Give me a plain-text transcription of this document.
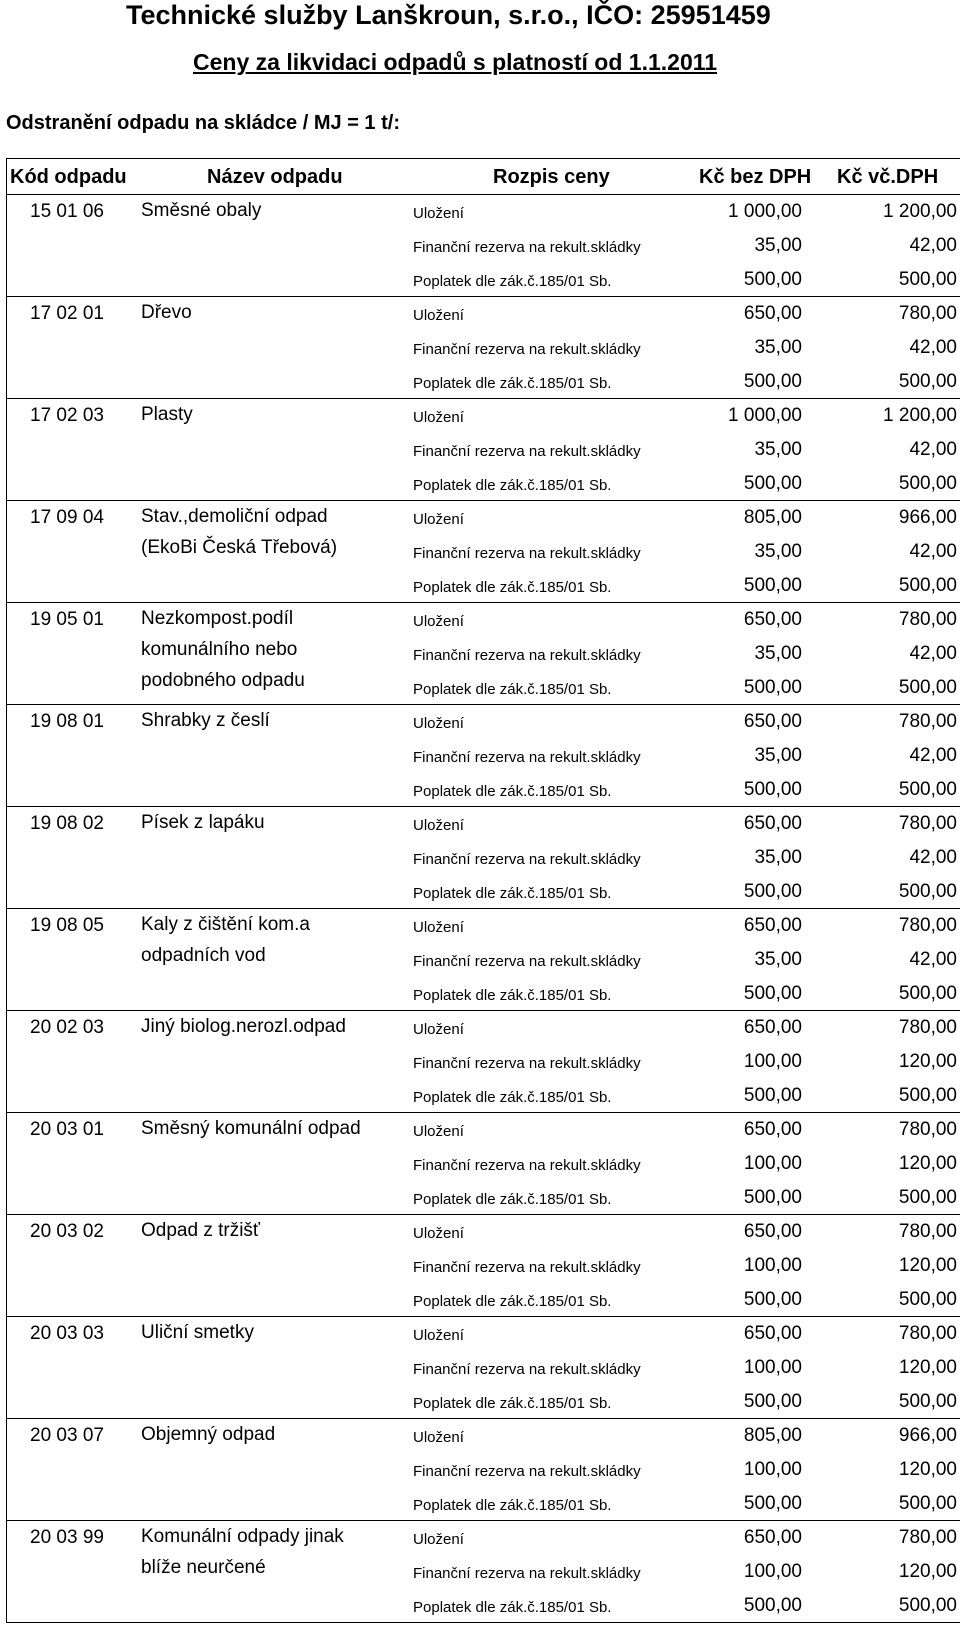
Technické služby Lanškroun, s.r.o., IČO: 25951459
Ceny za likvidaci odpadů s platností od 1.1.2011
Odstranění odpadu na skládce / MJ = 1 t/:
Kód odpadu	Název odpadu	Rozpis ceny	Kč bez DPH Kč vč.DPH
15 01 06 Směsné obaly	Uložení	1 000,00	1 200,00
Finanční rezerva na rekult.skládky	35,00	42,00
Poplatek dle zák.č.185/01 Sb.	500,00	500,00
17 02 01 Dřevo	Uložení	650,00	780,00
Finanční rezerva na rekult.skládky	35,00	42,00
Poplatek dle zák.č.185/01 Sb.	500,00	500,00
17 02 03 Plasty	Uložení	1 000,00	1 200,00
Finanční rezerva na rekult.skládky	35,00	42,00
Poplatek dle zák.č.185/01 Sb.	500,00	500,00
17 09 04 Stav.,demoliční odpad
(EkoBi Česká Třebová)
Uložení	805,00	966,00
Finanční rezerva na rekult.skládky	35,00	42,00
Poplatek dle zák.č.185/01 Sb.	500,00	500,00
19 05 01 Nezkompost.podíl
komunálního nebo
podobného odpadu
Uložení	650,00	780,00
Finanční rezerva na rekult.skládky	35,00	42,00
Poplatek dle zák.č.185/01 Sb.	500,00	500,00
19 08 01 Shrabky z česlí	Uložení	650,00	780,00
Finanční rezerva na rekult.skládky	35,00	42,00
Poplatek dle zák.č.185/01 Sb.	500,00	500,00
19 08 02 Písek z lapáku	Uložení	650,00	780,00
Finanční rezerva na rekult.skládky	35,00	42,00
Poplatek dle zák.č.185/01 Sb.	500,00	500,00
19 08 05 Kaly z čištění kom.a
odpadních vod
Uložení	650,00	780,00
Finanční rezerva na rekult.skládky	35,00	42,00
Poplatek dle zák.č.185/01 Sb.	500,00	500,00
20 02 03 Jiný biolog.nerozl.odpad	Uložení	650,00	780,00
Finanční rezerva na rekult.skládky	100,00	120,00
Poplatek dle zák.č.185/01 Sb.	500,00	500,00
20 03 01 Směsný komunální odpad	Uložení	650,00	780,00
Finanční rezerva na rekult.skládky	100,00	120,00
Poplatek dle zák.č.185/01 Sb.	500,00	500,00
20 03 02 Odpad z tržišť	Uložení	650,00	780,00
Finanční rezerva na rekult.skládky	100,00	120,00
Poplatek dle zák.č.185/01 Sb.	500,00	500,00
20 03 03 Uliční smetky	Uložení	650,00	780,00
Finanční rezerva na rekult.skládky	100,00	120,00
Poplatek dle zák.č.185/01 Sb.	500,00	500,00
20 03 07 Objemný odpad	Uložení	805,00	966,00
Finanční rezerva na rekult.skládky	100,00	120,00
Poplatek dle zák.č.185/01 Sb.	500,00	500,00
20 03 99 Komunální odpady jinak
blíže neurčené
Uložení	650,00	780,00
Finanční rezerva na rekult.skládky	100,00	120,00
Poplatek dle zák.č.185/01 Sb.	500,00	500,00
